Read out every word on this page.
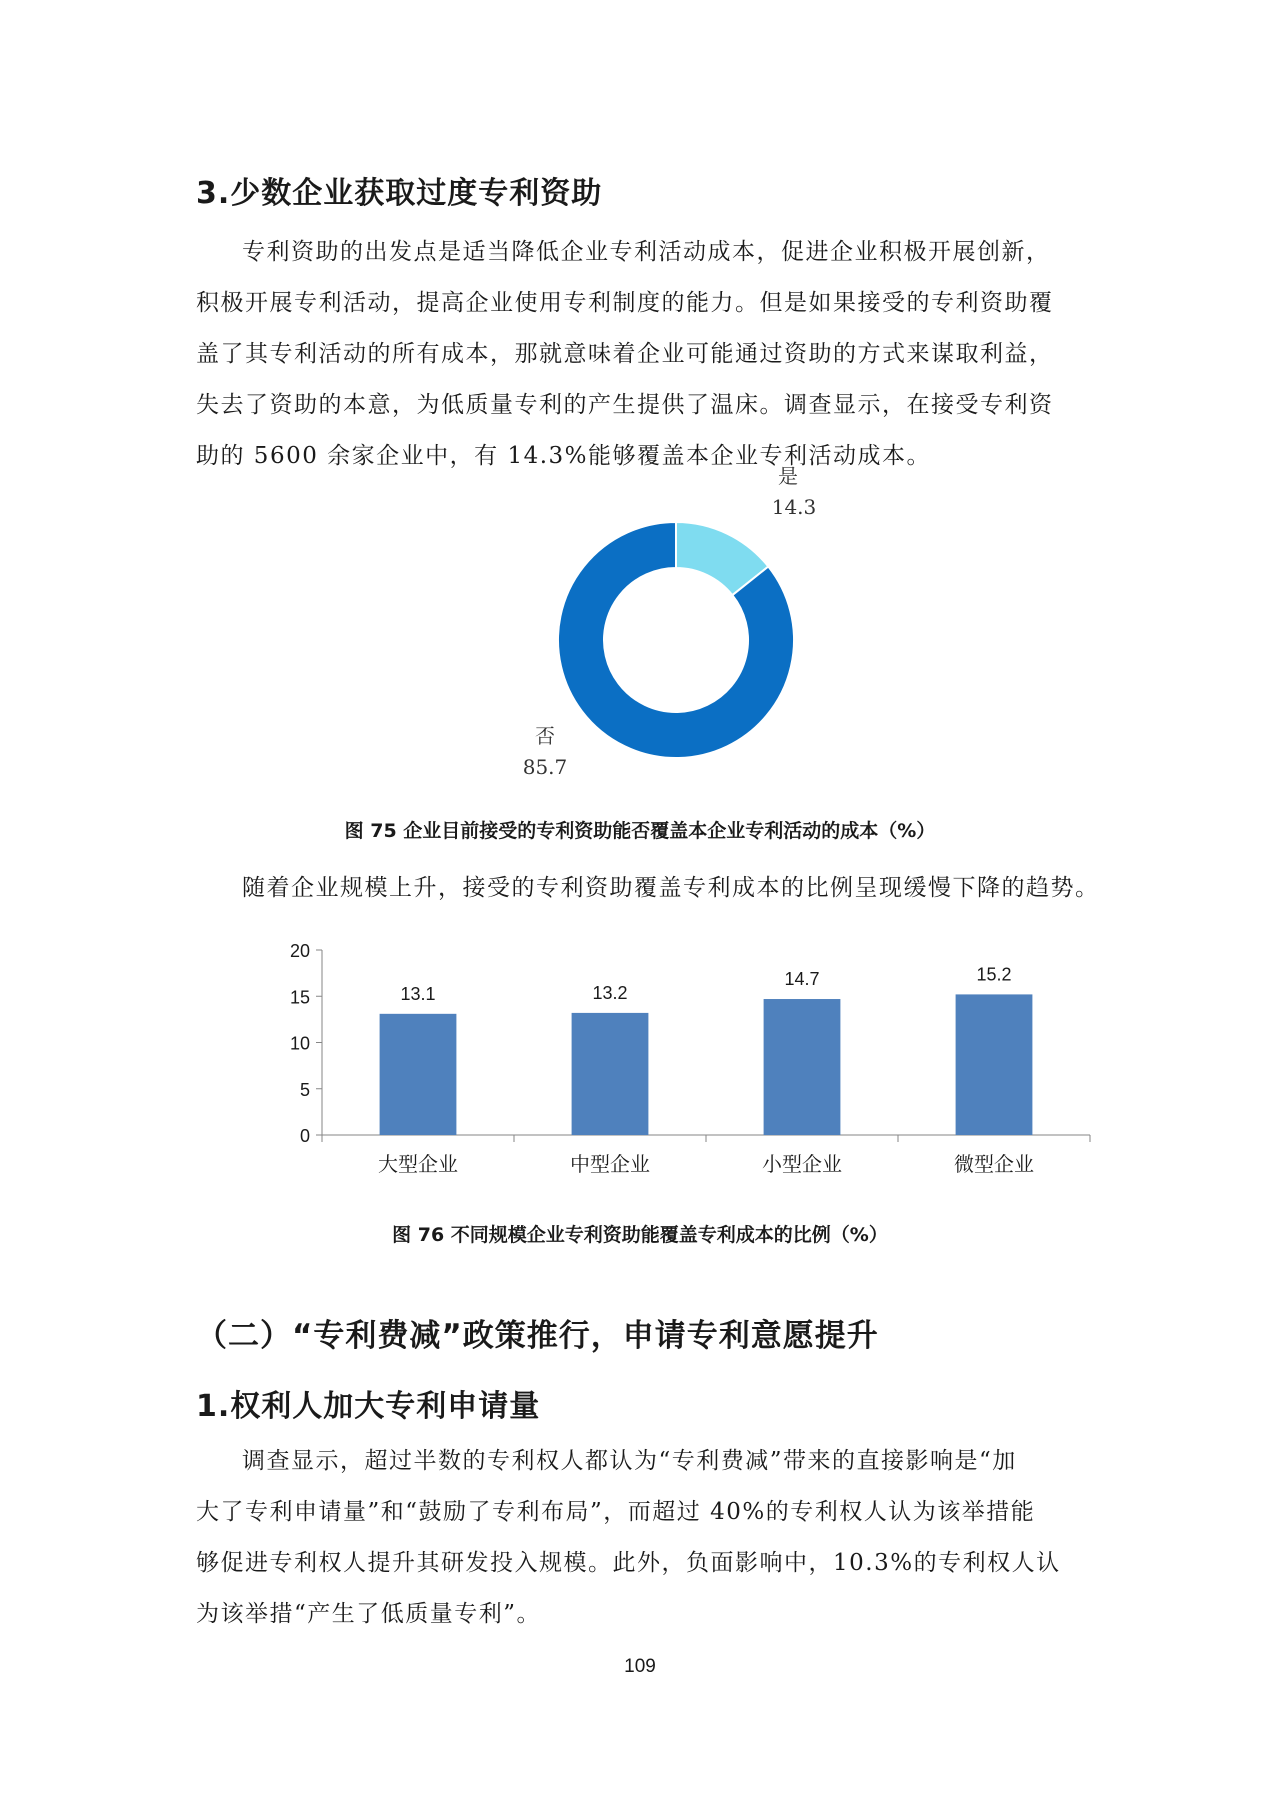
3.少数企业获取过度专利资助

专利资助的出发点是适当降低企业专利活动成本，促进企业积极开展创新，
积极开展专利活动，提高企业使用专利制度的能力。但是如果接受的专利资助覆
盖了其专利活动的所有成本，那就意味着企业可能通过资助的方式来谋取利益，
失去了资助的本意，为低质量专利的产生提供了温床。调查显示，在接受专利资
助的 5600 余家企业中，有 14.3%能够覆盖本企业专利活动成本。

是
14.3
否
85.7
图 75 企业目前接受的专利资助能否覆盖本企业专利活动的成本（%）

随着企业规模上升，接受的专利资助覆盖专利成本的比例呈现缓慢下降的趋势。

0
5
10
15
20
13.1
大型企业
13.2
中型企业
14.7
小型企业
15.2
微型企业
图 76 不同规模企业专利资助能覆盖专利成本的比例（%）
（二）“专利费减”政策推行，申请专利意愿提升
1.权利人加大专利申请量

调查显示，超过半数的专利权人都认为“专利费减”带来的直接影响是“加
大了专利申请量”和“鼓励了专利布局”，而超过 40%的专利权人认为该举措能
够促进专利权人提升其研发投入规模。此外，负面影响中，10.3%的专利权人认
为该举措“产生了低质量专利”。

109
